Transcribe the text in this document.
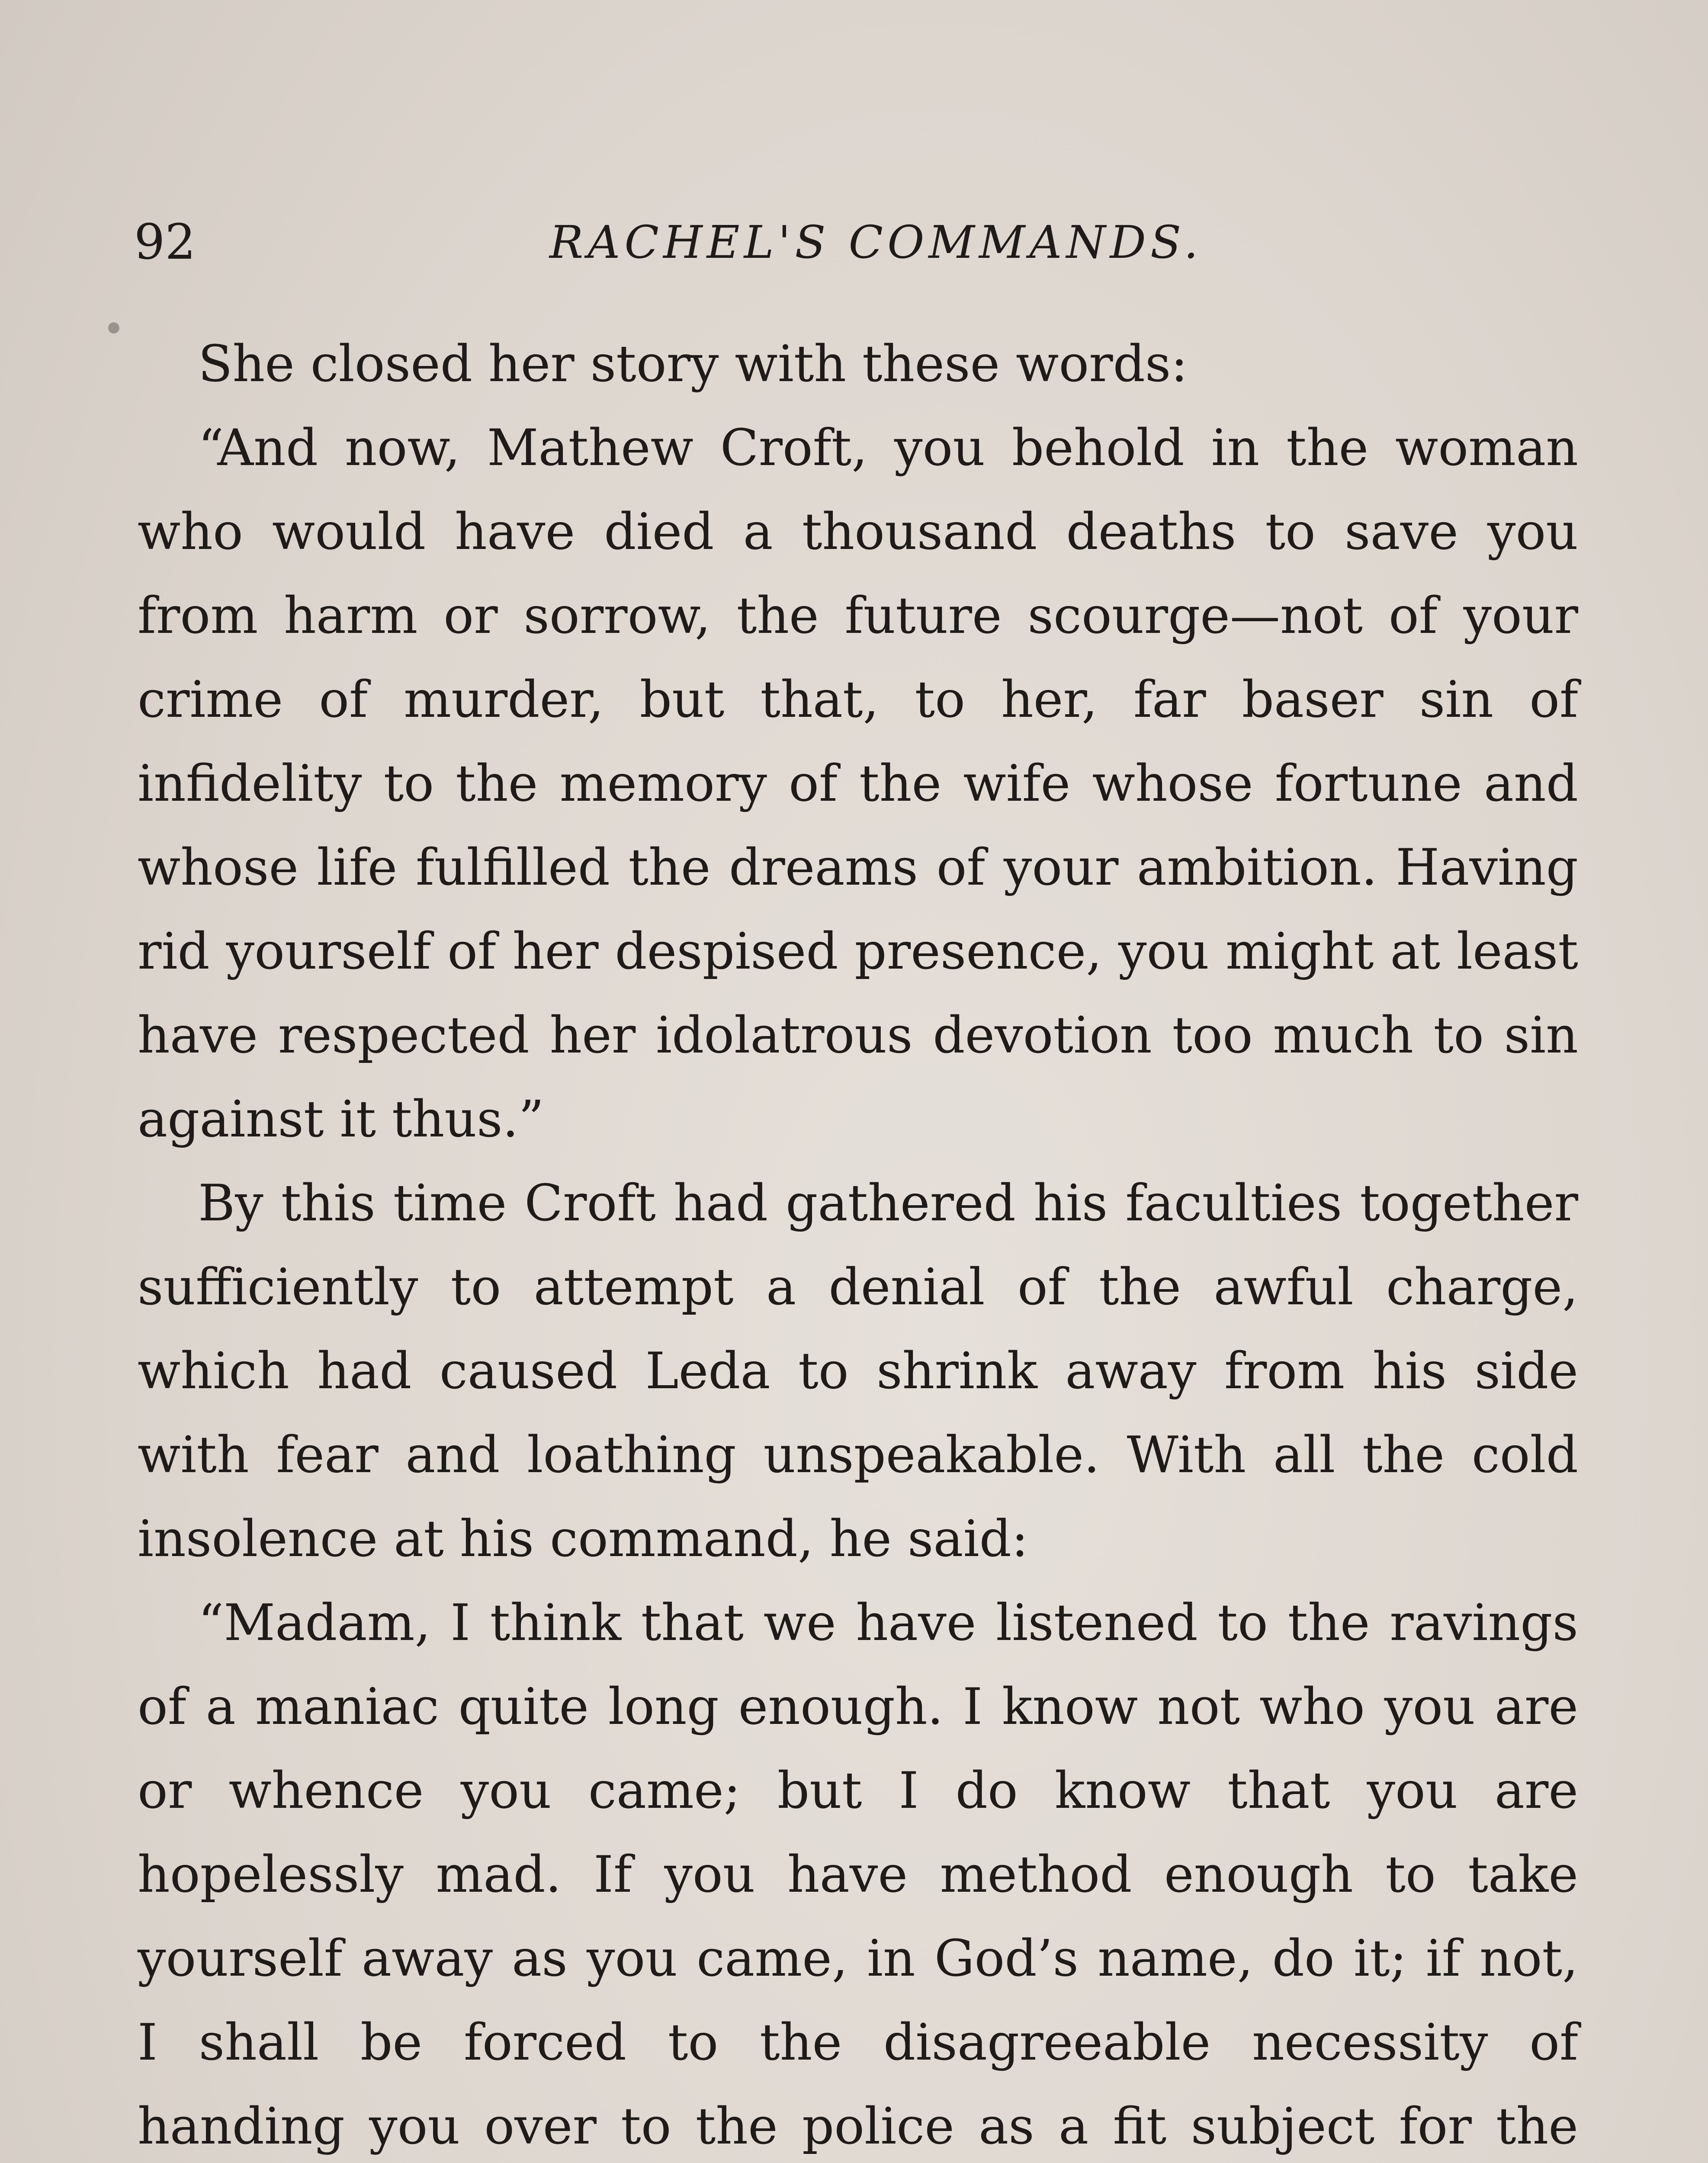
92	RACHEL'S COMMANDS.

She closed her story with these words:

“And now, Mathew Croft, you behold in the woman who would have died a thousand deaths to save you from harm or sorrow, the future scourge—not of your crime of murder, but that, to her, far baser sin of infidelity to the memory of the wife whose fortune and whose life fulfilled the dreams of your ambition. Having rid yourself of her despised presence, you might at least have respected her idolatrous devotion too much to sin against it thus.”

By this time Croft had gathered his faculties together sufficiently to attempt a denial of the awful charge, which had caused Leda to shrink away from his side with fear and loathing unspeakable. With all the cold insolence at his command, he said:

“Madam, I think that we have listened to the ravings of a maniac quite long enough. I know not who you are or whence you came; but I do know that you are hopelessly mad. If you have method enough to take yourself away as you came, in God’s name, do it; if not, I shall be forced to the disagreeable necessity of handing you over to the police as a fit subject for the
